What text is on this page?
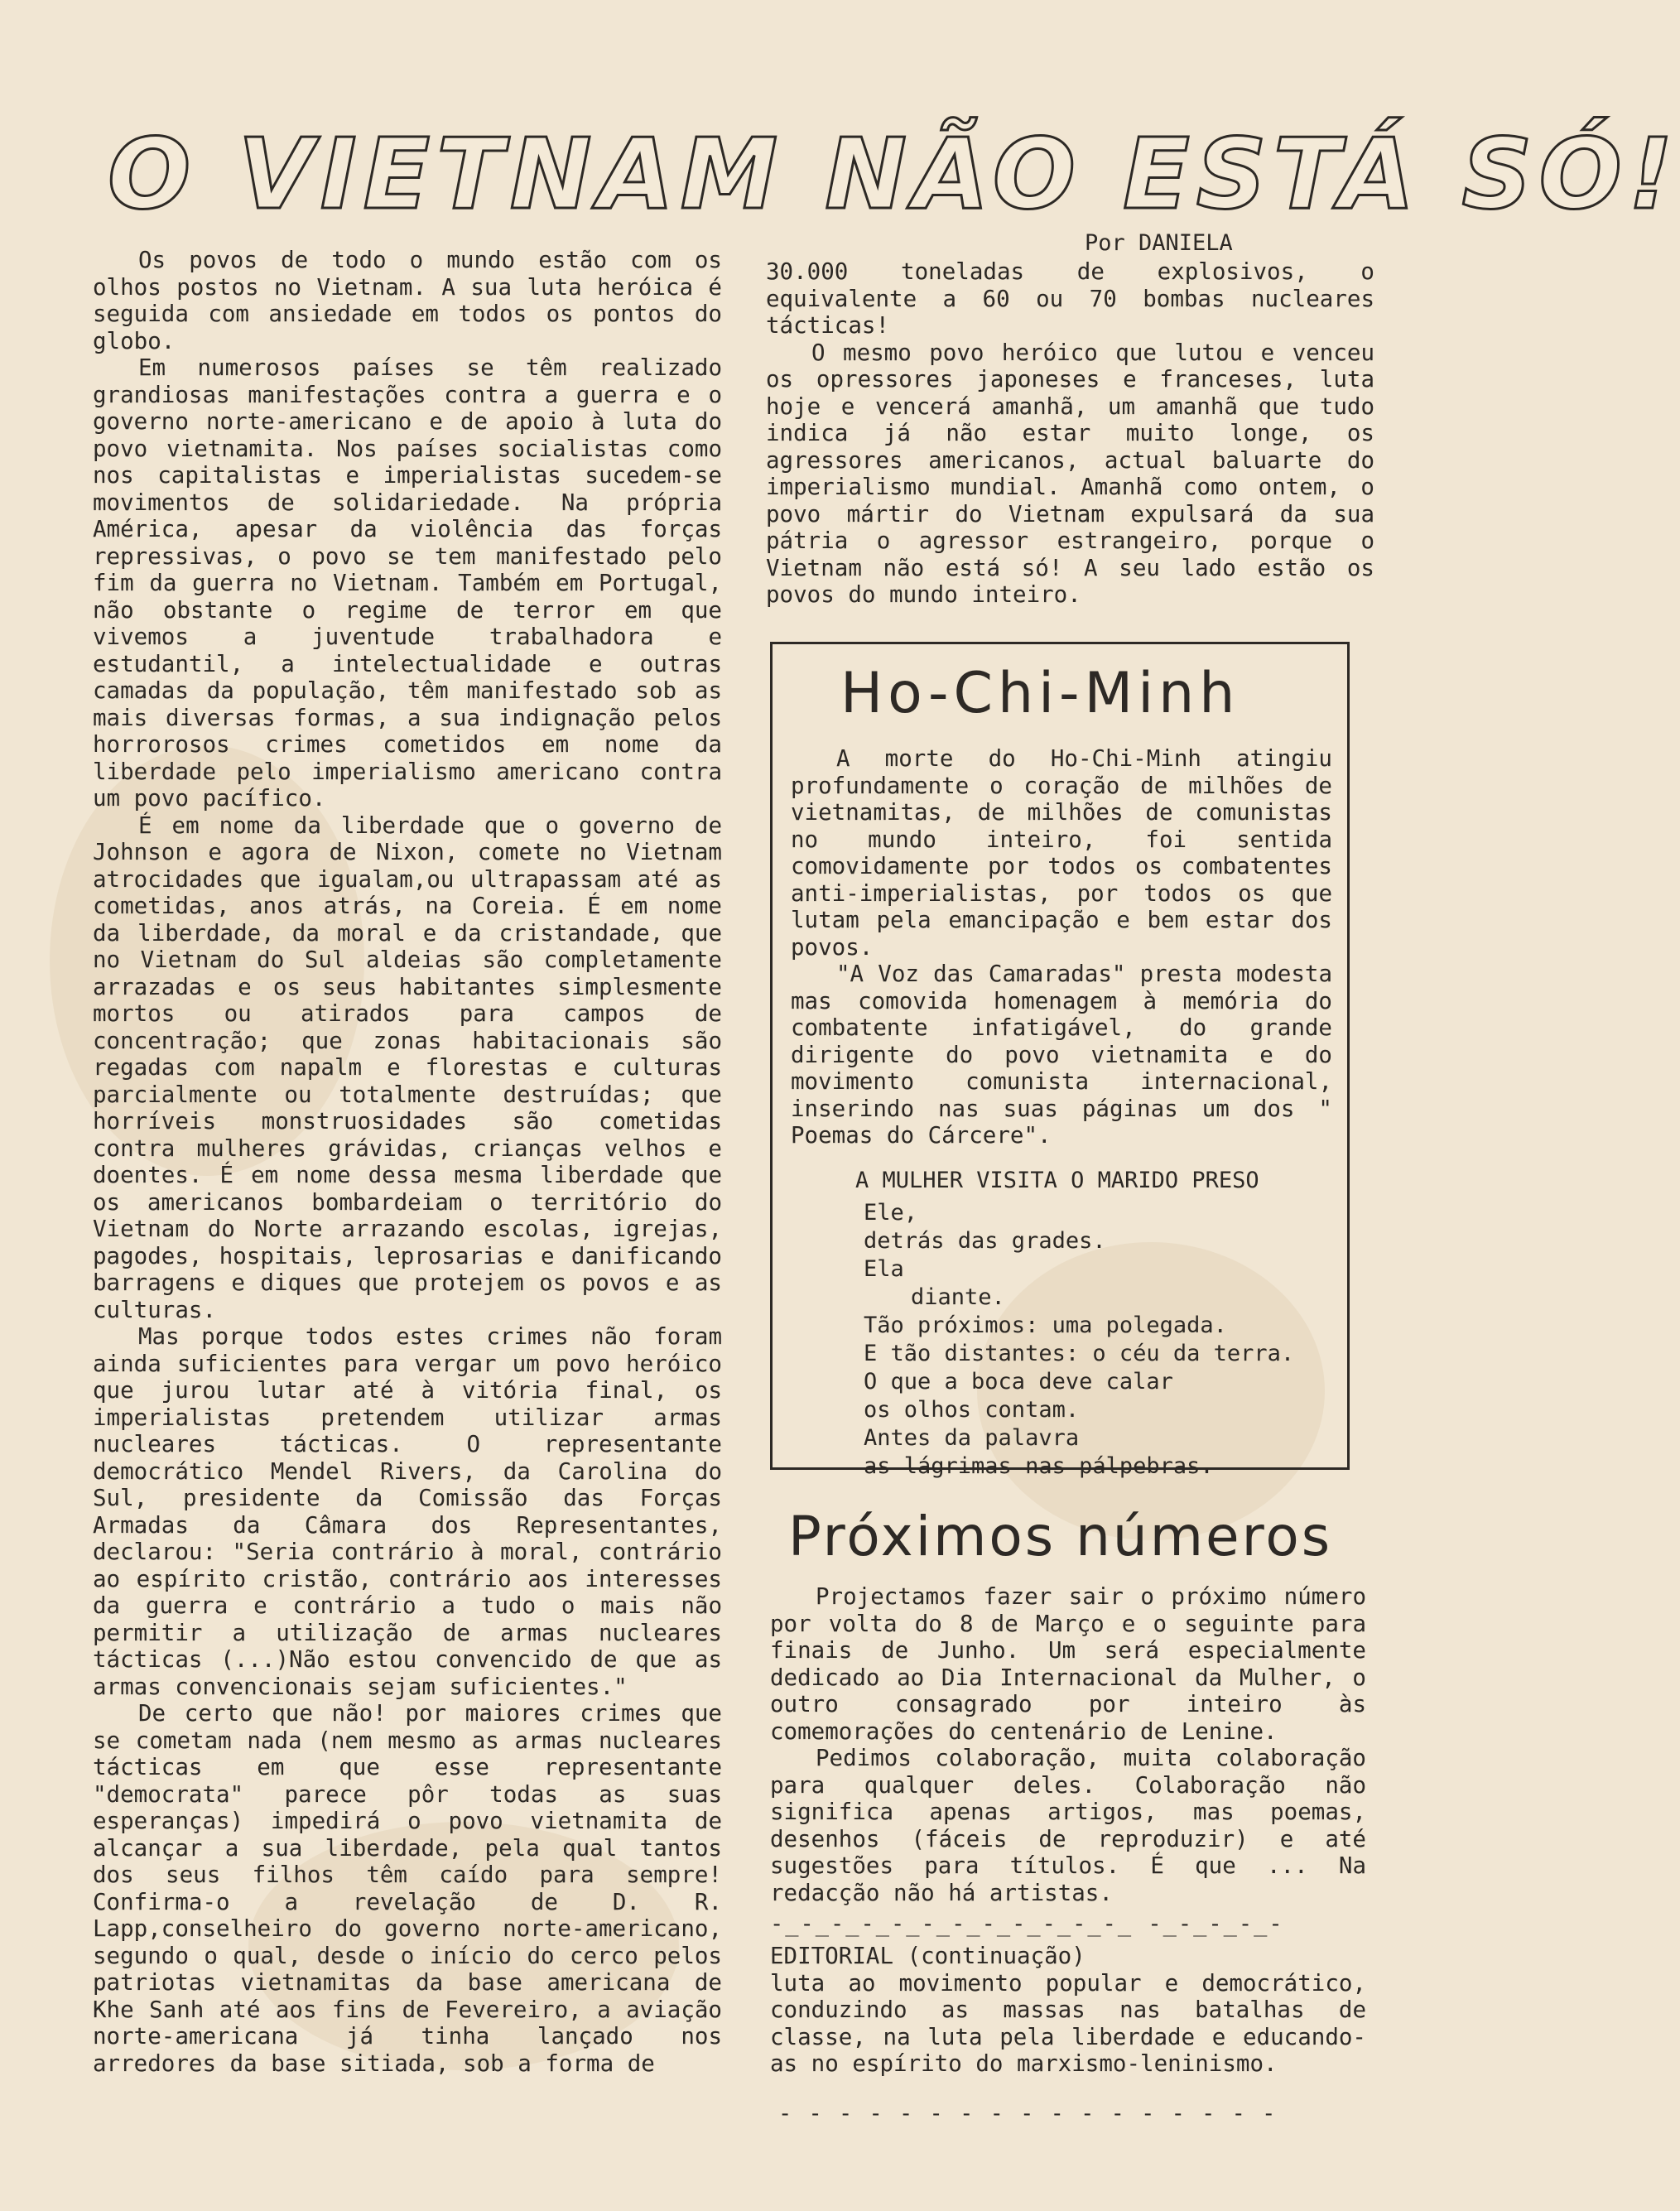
O VIETNAM NÃO ESTÁ SÓ!
Por DANIELA

Os povos de todo o mundo estão com os olhos postos no Vietnam. A sua luta heróica é seguida com ansiedade em todos os pontos do globo.

Em numerosos países se têm realizado grandiosas manifestações contra a guerra e o governo norte-americano e de apoio à luta do povo vietnamita. Nos países socialistas como nos capitalistas e imperialistas sucedem-se movimentos de solidariedade. Na própria América, apesar da violência das forças repressivas, o povo se tem manifestado pelo fim da guerra no Vietnam. Também em Portugal, não obstante o regime de terror em que vivemos a juventude trabalhadora e estudantil, a intelectualidade e outras camadas da população, têm manifestado sob as mais diversas formas, a sua indignação pelos horrorosos crimes cometidos em nome da liberdade pelo imperialismo americano contra um povo pacífico.

É em nome da liberdade que o governo de Johnson e agora de Nixon, comete no Vietnam atrocidades que igualam,ou ultrapassam até as cometidas, anos atrás, na Coreia. É em nome da liberdade, da moral e da cristandade, que no Vietnam do Sul aldeias são completamente arrazadas e os seus habitantes simplesmente mortos ou atirados para campos de concentração; que zonas habitacionais são regadas com napalm e florestas e culturas parcialmente ou totalmente destruídas; que horríveis monstruosidades são cometidas contra mulheres grávidas, crianças velhos e doentes. É em nome dessa mesma liberdade que os americanos bombardeiam o território do Vietnam do Norte arrazando escolas, igrejas, pagodes, hospitais, leprosarias e danificando barragens e diques que protejem os povos e as culturas.

Mas porque todos estes crimes não foram ainda suficientes para vergar um povo heróico que jurou lutar até à vitória final, os imperialistas pretendem utilizar armas nucleares tácticas. O representante democrático Mendel Rivers, da Carolina do Sul, presidente da Comissão das Forças Armadas da Câmara dos Representantes, declarou: "Seria contrário à moral, contrário ao espírito cristão, contrário aos interesses da guerra e contrário a tudo o mais não permitir a utilização de armas nucleares tácticas (...)Não estou convencido de que as armas convencionais sejam suficientes."

De certo que não! por maiores crimes que se cometam nada (nem mesmo as armas nucleares tácticas em que esse representante "democrata" parece pôr todas as suas esperanças) impedirá o povo vietnamita de alcançar a sua liberdade, pela qual tantos dos seus filhos têm caído para sempre! Confirma-o a revelação de D. R. Lapp,conselheiro do governo norte-americano, segundo o qual, desde o início do cerco pelos patriotas vietnamitas da base americana de Khe Sanh até aos fins de Fevereiro, a aviação norte-americana já tinha lançado nos arredores da base sitiada, sob a forma de

30.000 toneladas de explosivos, o equivalente a 60 ou 70 bombas nucleares tácticas!

O mesmo povo heróico que lutou e venceu os opressores japoneses e franceses, luta hoje e vencerá amanhã, um amanhã que tudo indica já não estar muito longe, os agressores americanos, actual baluarte do imperialismo mundial. Amanhã como ontem, o povo mártir do Vietnam expulsará da sua pátria o agressor estrangeiro, porque o Vietnam não está só! A seu lado estão os povos do mundo inteiro.

Ho-Chi-Minh

A morte do Ho-Chi-Minh atingiu profundamente o coração de milhões de vietnamitas, de milhões de comunistas no mundo inteiro, foi sentida comovidamente por todos os combatentes anti-imperialistas, por todos os que lutam pela emancipação e bem estar dos povos.

"A Voz das Camaradas" presta modesta mas comovida homenagem à memória do combatente infatigável, do grande dirigente do povo vietnamita e do movimento comunista internacional, inserindo nas suas páginas um dos " Poemas do Cárcere".

A MULHER VISITA O MARIDO PRESO

Ele,

detrás das grades.

Ela

diante.

Tão próximos: uma polegada.

E tão distantes: o céu da terra.

O que a boca deve calar

os olhos contam.

Antes da palavra

as lágrimas nas pálpebras.

Próximos números

Projectamos fazer sair o próximo número por volta do 8 de Março e o seguinte para finais de Junho. Um será especialmente dedicado ao Dia Internacional da Mulher, o outro consagrado por inteiro às comemorações do centenário de Lenine.

Pedimos colaboração, muita colaboração para qualquer deles. Colaboração não significa apenas artigos, mas poemas, desenhos (fáceis de reproduzir) e até sugestões para títulos. É que ... Na redacção não há artistas.

-_-_-_-_-_-_-_-_-_-_-_-_ -_-_-_-_-

EDITORIAL (continuação)

luta ao movimento popular e democrático, conduzindo as massas nas batalhas de classe, na luta pela liberdade e educando-as no espírito do marxismo-leninismo.

- - - - - - - - - - - - - - - - -
